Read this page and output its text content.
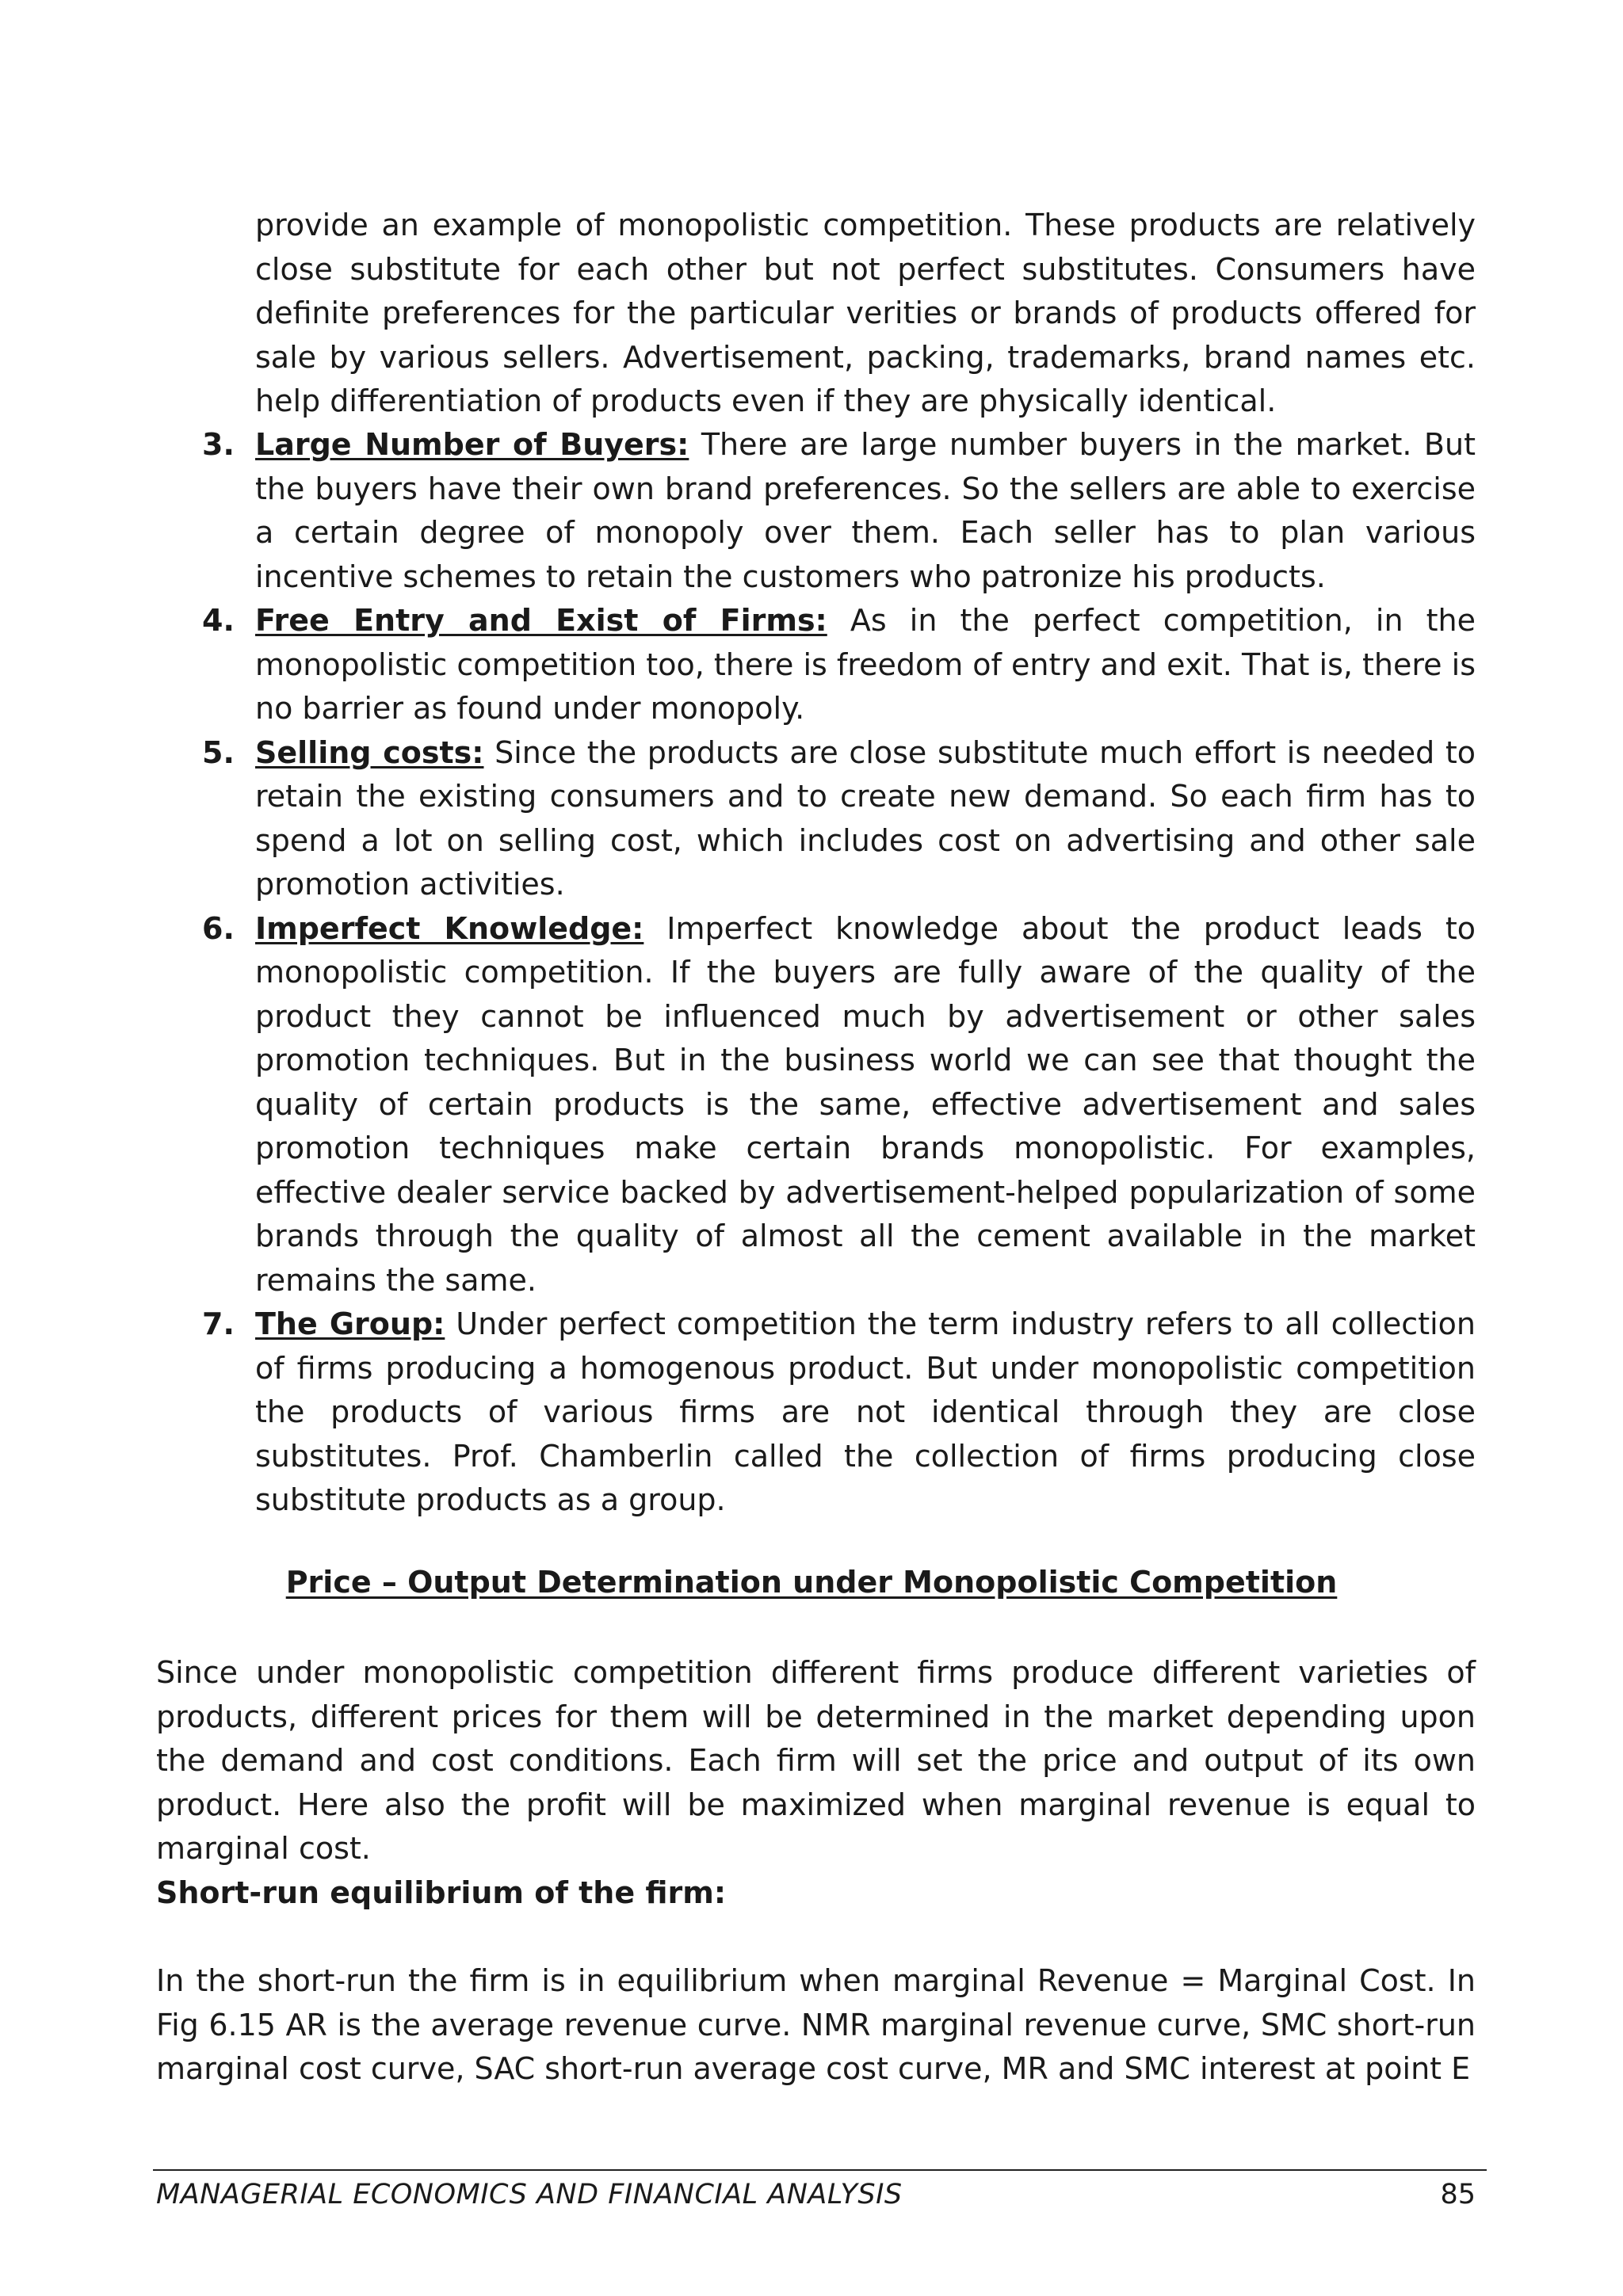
provide an example of monopolistic competition. These products are relatively close substitute for each other but not perfect substitutes. Consumers have definite preferences for the particular verities or brands of products offered for sale by various sellers. Advertisement, packing, trademarks, brand names etc. help differentiation of products even if they are physically identical.

3. Large Number of Buyers: There are large number buyers in the market. But the buyers have their own brand preferences. So the sellers are able to exercise a certain degree of monopoly over them. Each seller has to plan various incentive schemes to retain the customers who patronize his products.
4. Free Entry and Exist of Firms: As in the perfect competition, in the monopolistic competition too, there is freedom of entry and exit. That is, there is no barrier as found under monopoly.
5. Selling costs: Since the products are close substitute much effort is needed to retain the existing consumers and to create new demand. So each firm has to spend a lot on selling cost, which includes cost on advertising and other sale promotion activities.
6. Imperfect Knowledge: Imperfect knowledge about the product leads to monopolistic competition. If the buyers are fully aware of the quality of the product they cannot be influenced much by advertisement or other sales promotion techniques. But in the business world we can see that thought the quality of certain products is the same, effective advertisement and sales promotion techniques make certain brands monopolistic. For examples, effective dealer service backed by advertisement-helped popularization of some brands through the quality of almost all the cement available in the market remains the same.
7. The Group: Under perfect competition the term industry refers to all collection of firms producing a homogenous product. But under monopolistic competition the products of various firms are not identical through they are close substitutes. Prof. Chamberlin called the collection of firms producing close substitute products as a group.
Price – Output Determination under Monopolistic Competition

Since under monopolistic competition different firms produce different varieties of products, different prices for them will be determined in the market depending upon the demand and cost conditions. Each firm will set the price and output of its own product. Here also the profit will be maximized when marginal revenue is equal to marginal cost.

Short-run equilibrium of the firm:

In the short-run the firm is in equilibrium when marginal Revenue = Marginal Cost. In Fig 6.15 AR is the average revenue curve. NMR marginal revenue curve, SMC short-run marginal cost curve, SAC short-run average cost curve, MR and SMC interest at point E

MANAGERIAL ECONOMICS AND FINANCIAL ANALYSIS	85
